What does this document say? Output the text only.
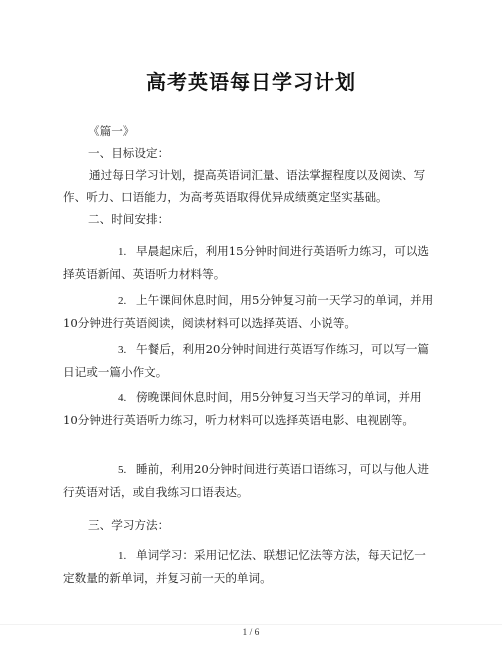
高考英语每日学习计划

《篇一》

一、目标设定：

通过每日学习计划，提高英语词汇量、语法掌握程度以及阅读、写作、听力、口语能力，为高考英语取得优异成绩奠定坚实基础。

二、时间安排：

1. 早晨起床后，利用15分钟时间进行英语听力练习，可以选择英语新闻、英语听力材料等。

2. 上午课间休息时间，用5分钟复习前一天学习的单词，并用10分钟进行英语阅读，阅读材料可以选择英语、小说等。

3. 午餐后，利用20分钟时间进行英语写作练习，可以写一篇日记或一篇小作文。

4. 傍晚课间休息时间，用5分钟复习当天学习的单词，并用10分钟进行英语听力练习，听力材料可以选择英语电影、电视剧等。

5. 睡前，利用20分钟时间进行英语口语练习，可以与他人进行英语对话，或自我练习口语表达。

三、学习方法：

1. 单词学习：采用记忆法、联想记忆法等方法，每天记忆一定数量的新单词，并复习前一天的单词。

1 / 6
